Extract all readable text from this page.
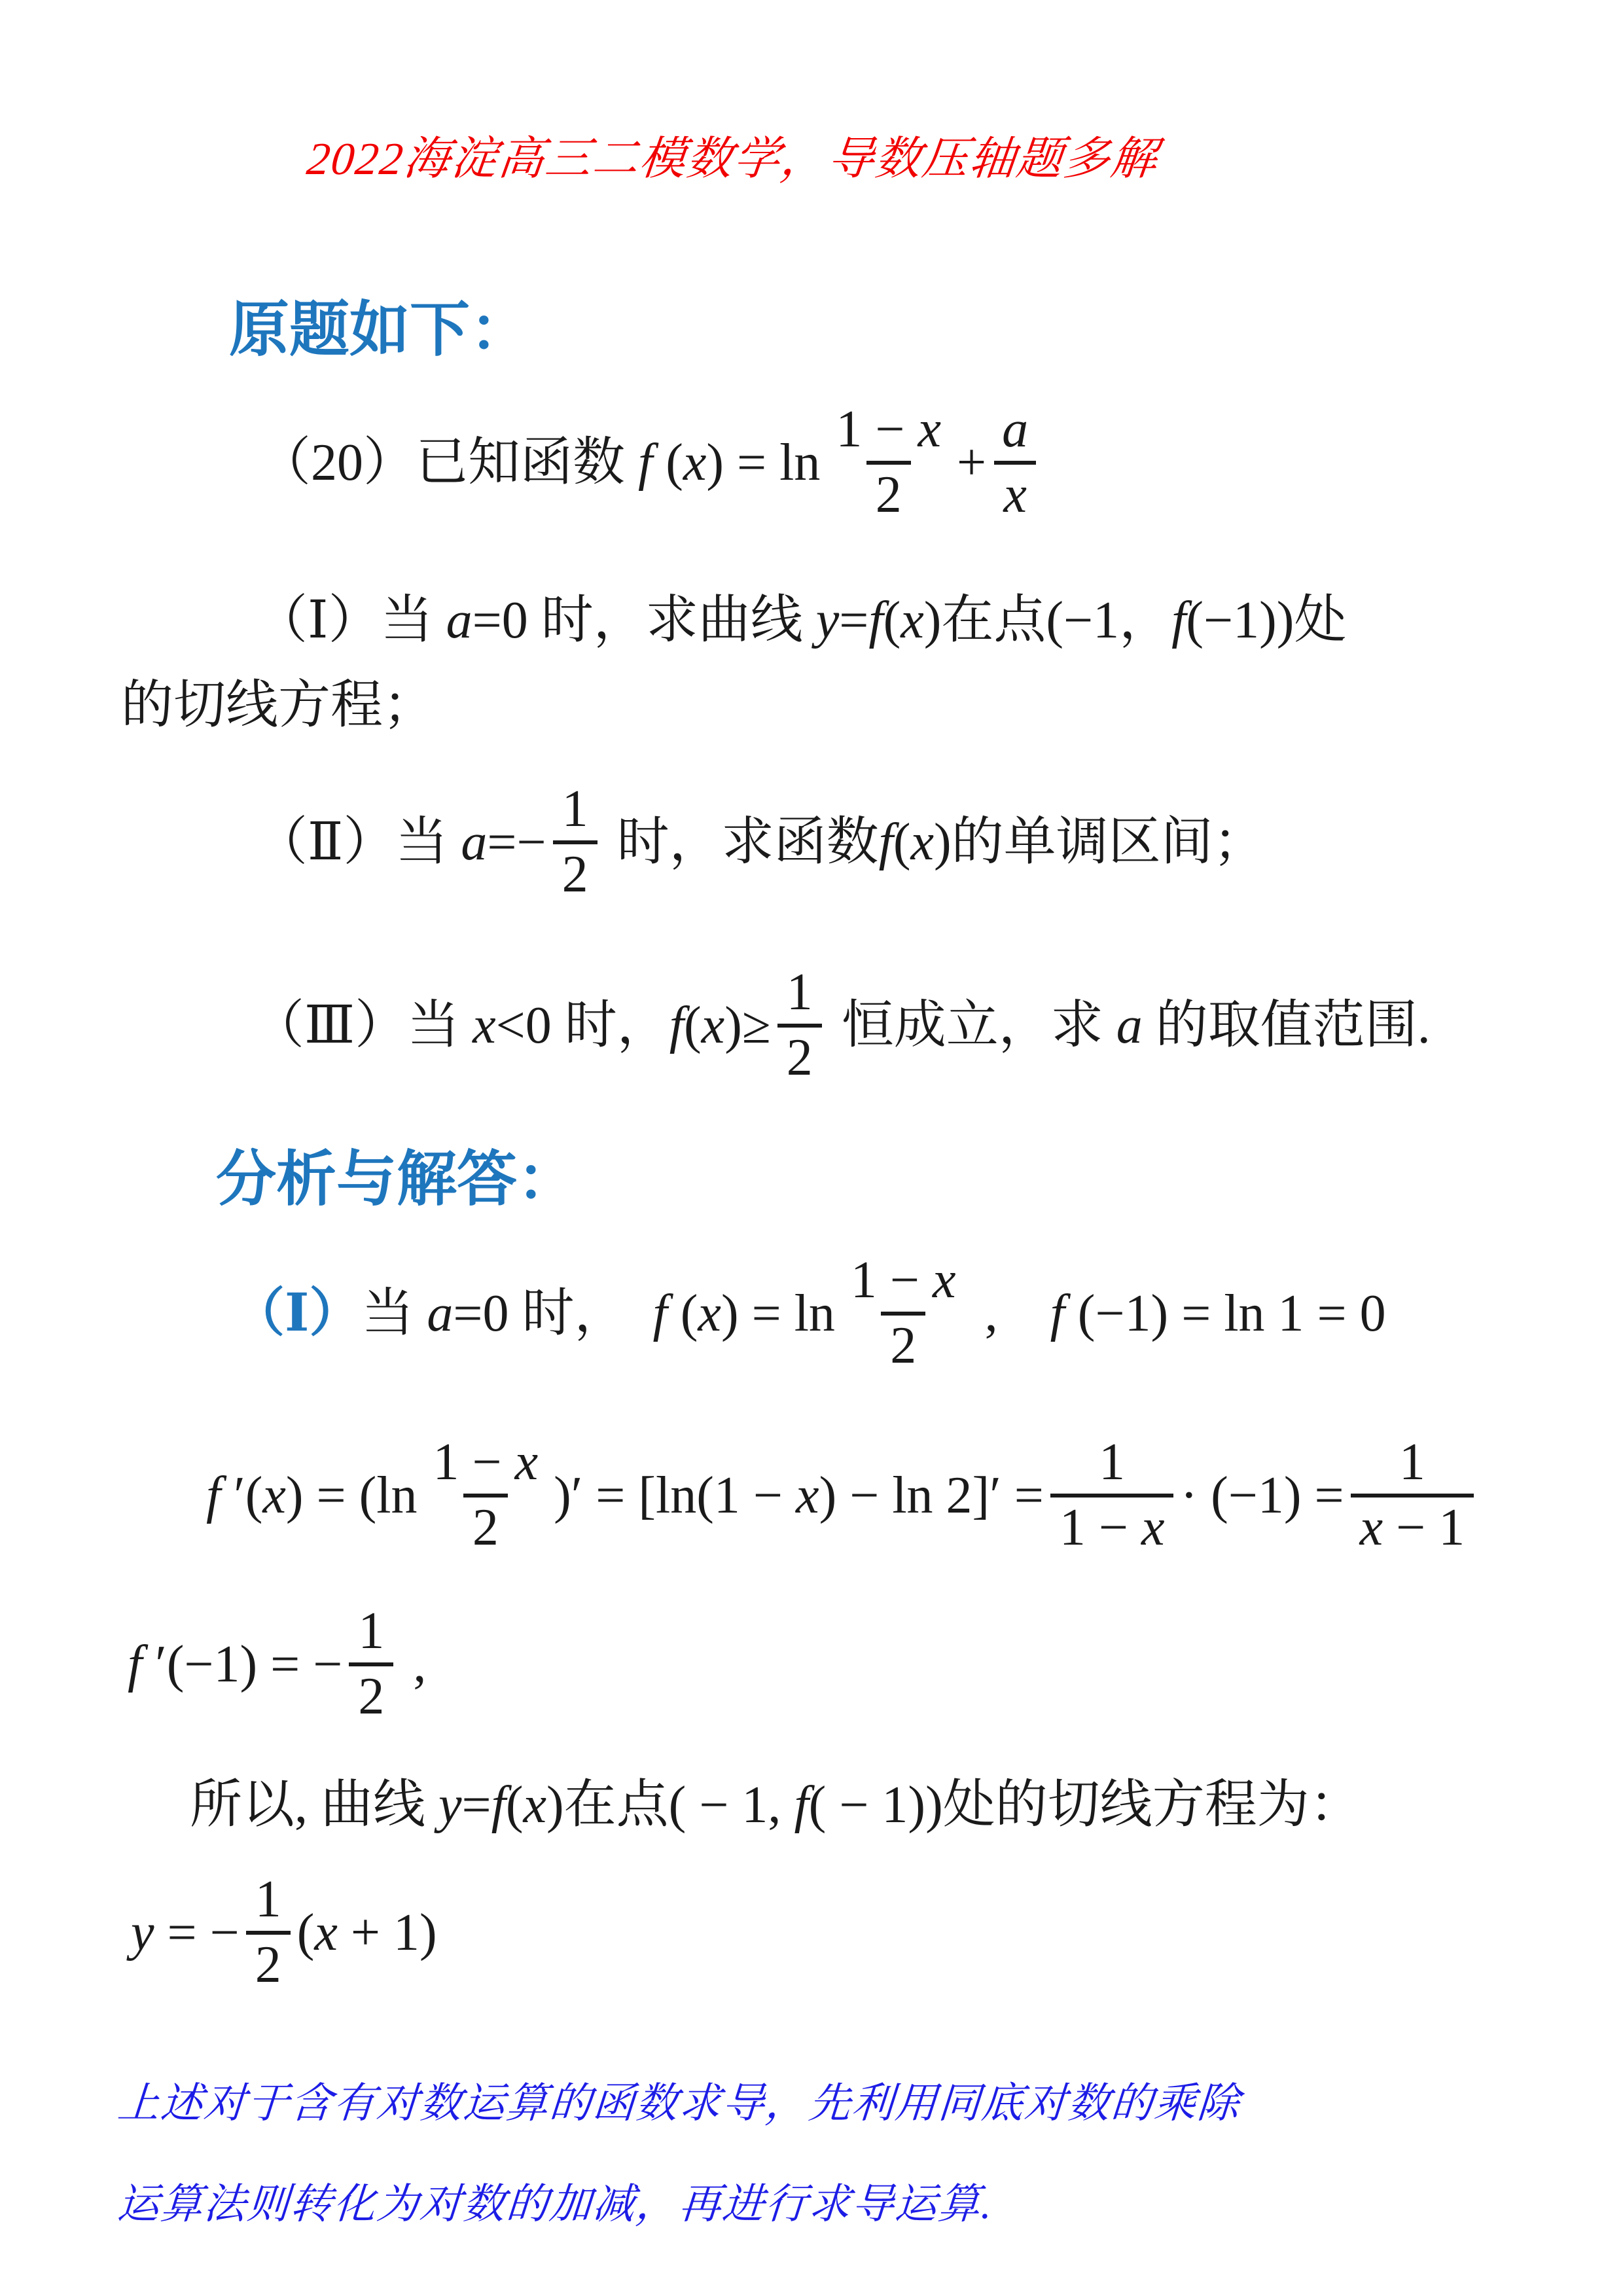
2022海淀高三二模数学，导数压轴题多解
原题如下：
（20）已知函数 f ( x ) = $\ln \frac{1 - x}{2} + \frac{a}{x}$
（Ⅰ）当 a =0 时，求曲线 y = f ( x ) 在点 (−1， f (−1)) 处
的切线方程；
（Ⅱ）当 $a =- \frac{1}{2}$ 时，求函数 f ( x ) 的单调区间；
（Ⅲ）当 x <0 时， f ( x )≥ $\frac{1}{2}$ 恒成立，求 a 的取值范围.
分析与解答：
（Ⅰ） 当 a =0 时，　 f ( x ) = $\ln \frac{1 - x}{2}$ ,　 f (−1) = ln 1 = 0
f ′( x ) = ($\ln \frac{1 - x}{2}$ )′ = [ln(1 − x ) − $\ln 2]' = \frac{1}{1 - x} \cdot (-1) = \frac{1}{x - 1}$
f ′(−1) = − $\frac{1}{2}$ ,
所以, 曲线 y = f ( x ) 在点 ( − 1, f ( − 1)) 处的切线方程为：
y = − $\frac{1}{2}$ ( x + 1)
上述对于含有对数运算的函数求导，先利用同底对数的乘除
运算法则转化为对数的加减，再进行求导运算.
